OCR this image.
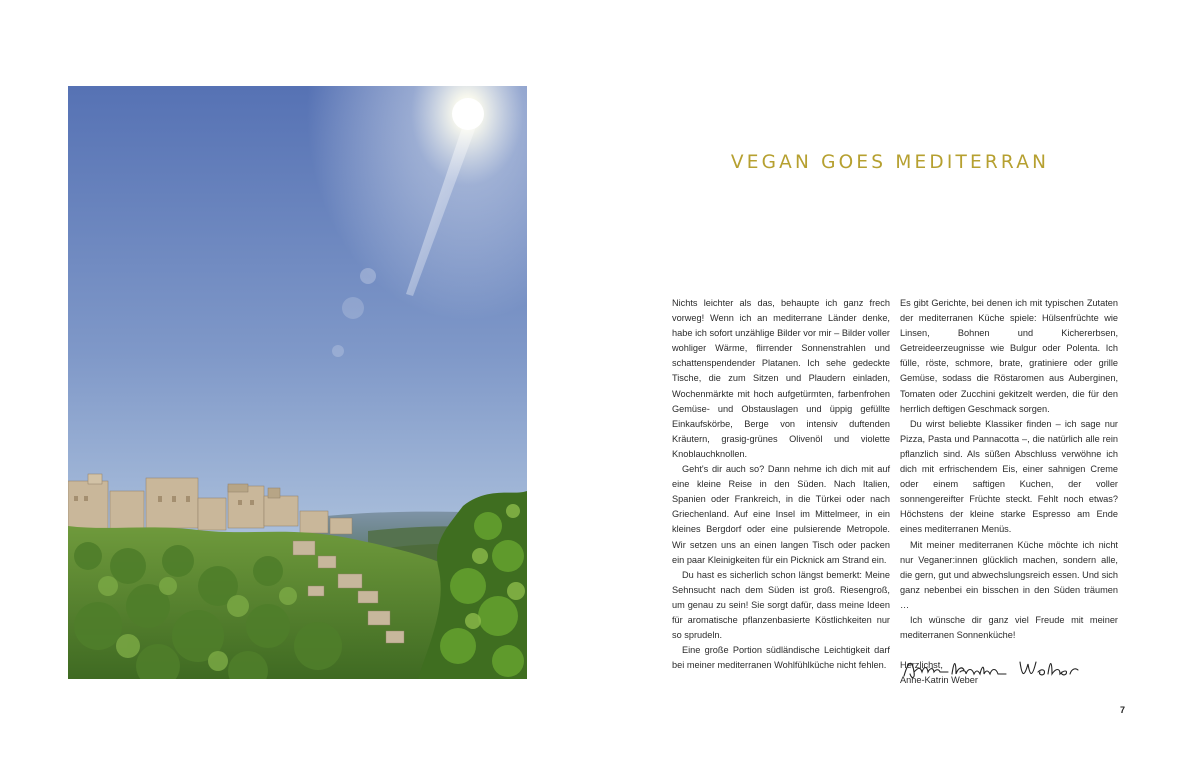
VEGAN GOES MEDITERRAN

Nichts leichter als das, behaupte ich ganz frech vorweg! Wenn ich an mediterrane Länder denke, habe ich sofort unzählige Bilder vor mir – Bilder voller wohliger Wärme, flirrender Sonnenstrahlen und schattenspendender Platanen. Ich sehe gedeckte Tische, die zum Sitzen und Plaudern einladen, Wochenmärkte mit hoch aufgetürmten, farbenfrohen Gemüse- und Obstauslagen und üppig gefüllte Einkaufskörbe, Berge von intensiv duftenden Kräutern, grasig-grünes Olivenöl und violette Knoblauchknollen.

Geht's dir auch so? Dann nehme ich dich mit auf eine kleine Reise in den Süden. Nach Italien, Spanien oder Frankreich, in die Türkei oder nach Griechenland. Auf eine Insel im Mittelmeer, in ein kleines Bergdorf oder eine pulsierende Metropole. Wir setzen uns an einen langen Tisch oder packen ein paar Kleinigkeiten für ein Picknick am Strand ein.

Du hast es sicherlich schon längst bemerkt: Meine Sehnsucht nach dem Süden ist groß. Riesengroß, um genau zu sein! Sie sorgt dafür, dass meine Ideen für aromatische pflanzenbasierte Köstlichkeiten nur so sprudeln.

Eine große Portion südländische Leichtigkeit darf bei meiner mediterranen Wohlfühlküche nicht fehlen.

Es gibt Gerichte, bei denen ich mit typischen Zutaten der mediterranen Küche spiele: Hülsenfrüchte wie Linsen, Bohnen und Kichererbsen, Getreideerzeugnisse wie Bulgur oder Polenta. Ich fülle, röste, schmore, brate, gratiniere oder grille Gemüse, sodass die Röstaromen aus Auberginen, Tomaten oder Zucchini gekitzelt werden, die für den herrlich deftigen Geschmack sorgen.

Du wirst beliebte Klassiker finden – ich sage nur Pizza, Pasta und Pannacotta –, die natürlich alle rein pflanzlich sind. Als süßen Abschluss verwöhne ich dich mit erfrischendem Eis, einer sahnigen Creme oder einem saftigen Kuchen, der voller sonnengereifter Früchte steckt. Fehlt noch etwas? Höchstens der kleine starke Espresso am Ende eines mediterranen Menüs.

Mit meiner mediterranen Küche möchte ich nicht nur Veganer:innen glücklich machen, sondern alle, die gern, gut und abwechslungsreich essen. Und sich ganz nebenbei ein bisschen in den Süden träumen …

Ich wünsche dir ganz viel Freude mit meiner mediterranen Sonnenküche!

Herzlichst,

Anne-Katrin Weber

7
